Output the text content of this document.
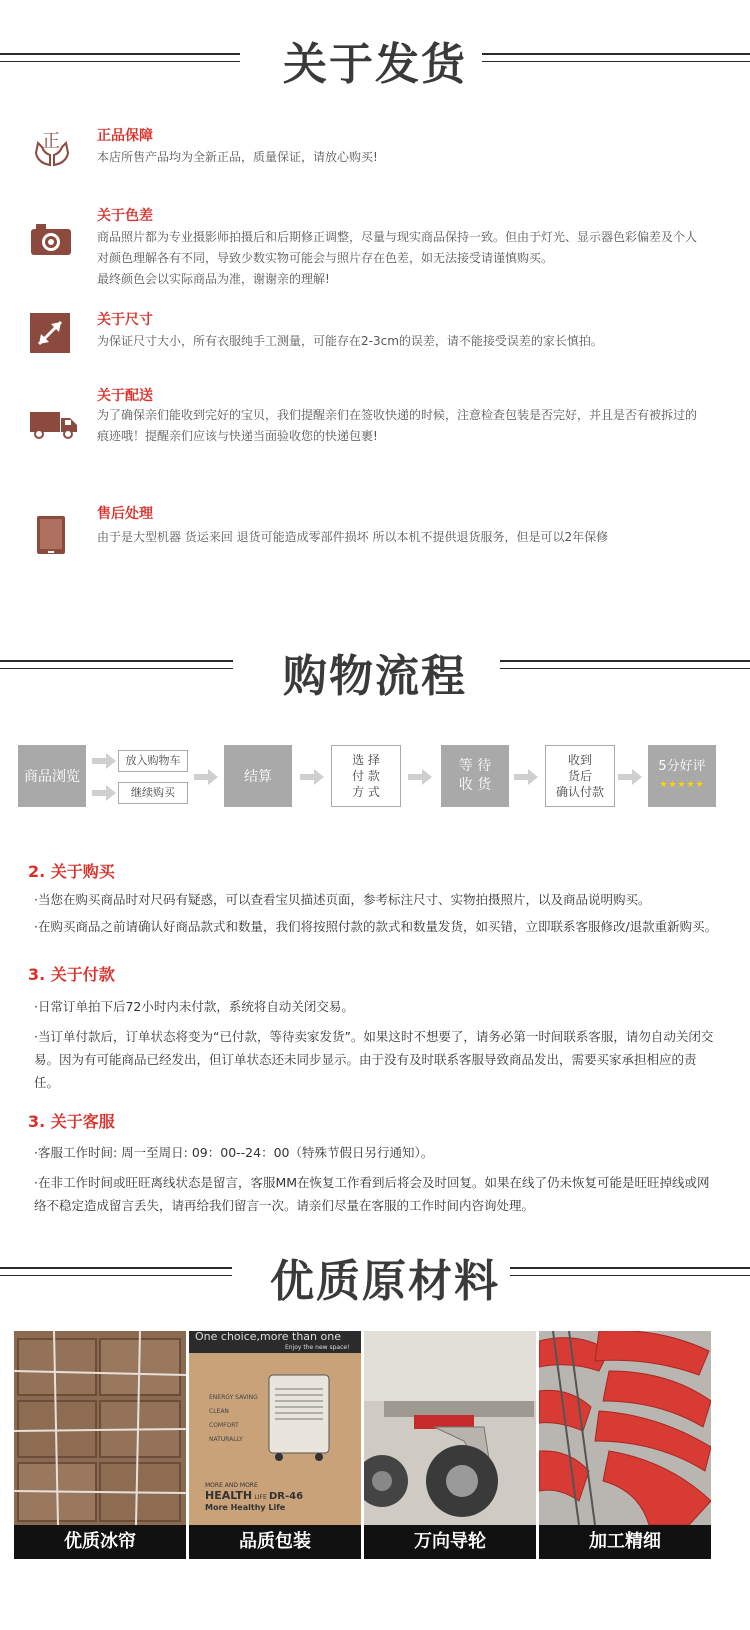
关于发货
正	正品保障
本店所售产品均为全新正品，质量保证，请放心购买!
关于色差
商品照片都为专业摄影师拍摄后和后期修正调整，尽量与现实商品保持一致。但由于灯光、显示器色彩偏差及个人对颜色理解各有不同，导致少数实物可能会与照片存在色差，如无法接受请谨慎购买。
最终颜色会以实际商品为准，谢谢亲的理解!
关于尺寸
为保证尺寸大小，所有衣服纯手工测量，可能存在2-3cm的误差，请不能接受误差的家长慎拍。
关于配送
为了确保亲们能收到完好的宝贝，我们提醒亲们在签收快递的时候，注意检查包装是否完好，并且是否有被拆过的痕迹哦！提醒亲们应该与快递当面验收您的快递包裹!
售后处理
由于是大型机器 货运来回 退货可能造成零部件损坏 所以本机不提供退货服务，但是可以2年保修
购物流程
商品浏览
放入购物车
继续购买
结算
选 择
付 款
方 式
等 待
收 货
收到
货后
确认付款
5分好评
★★★★★
2. 关于购买
·当您在购买商品时对尺码有疑惑，可以查看宝贝描述页面，参考标注尺寸、实物拍摄照片，以及商品说明购买。
·在购买商品之前请确认好商品款式和数量，我们将按照付款的款式和数量发货，如买错，立即联系客服修改/退款重新购买。
3. 关于付款
·日常订单拍下后72小时内未付款，系统将自动关闭交易。
·当订单付款后，订单状态将变为“已付款，等待卖家发货”。如果这时不想要了，请务必第一时间联系客服，请勿自动关闭交易。因为有可能商品已经发出，但订单状态还未同步显示。由于没有及时联系客服导致商品发出，需要买家承担相应的责任。
3. 关于客服
·客服工作时间: 周一至周日: 09：00--24：00（特殊节假日另行通知）。
·在非工作时间或旺旺离线状态是留言，客服MM在恢复工作看到后将会及时回复。如果在线了仍未恢复可能是旺旺掉线或网络不稳定造成留言丢失，请再给我们留言一次。请亲们尽量在客服的工作时间内咨询处理。
优质原材料
优质冰帘
One choice,more than one
Enjoy the new space!
ENERGY SAVING
CLEAN
COMFORT
NATURALLY
MORE AND MORE
HEALTH LIFE DR-46
More Healthy Life
品质包装	万向导轮	加工精细
